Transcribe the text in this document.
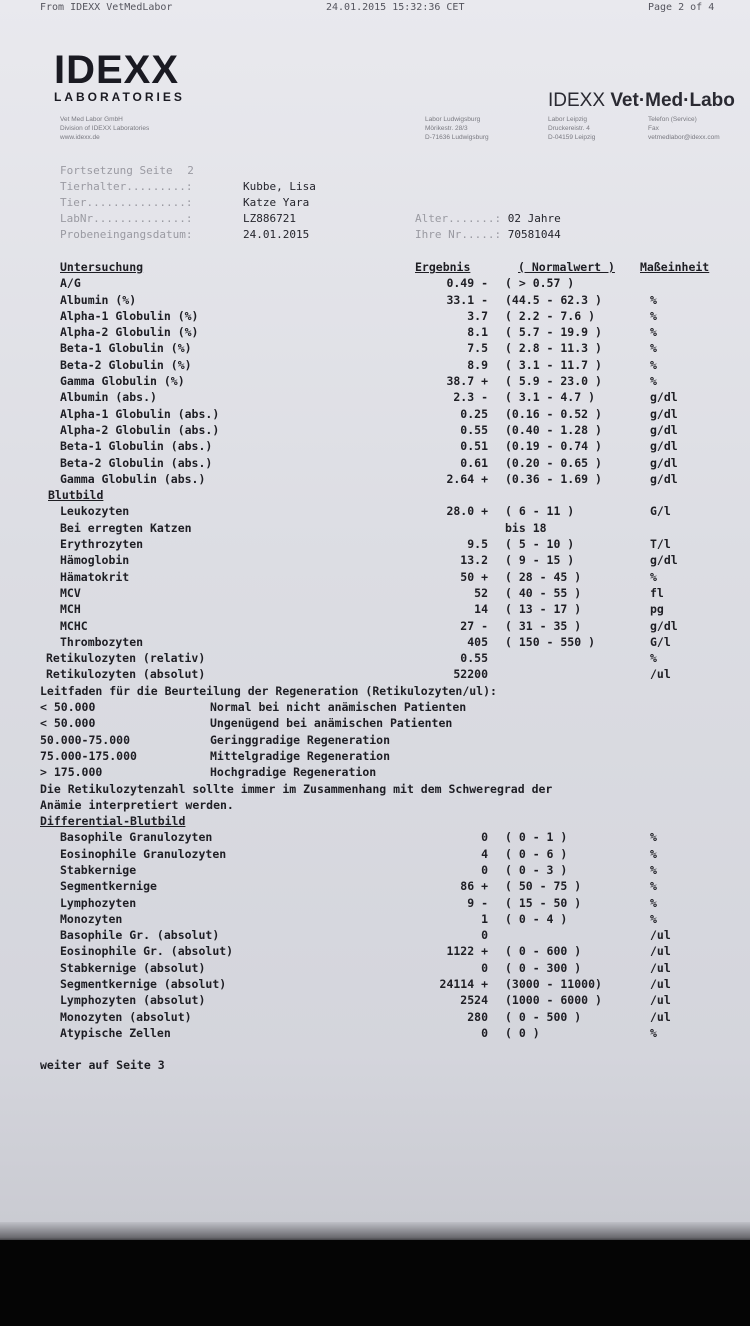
From IDEXX VetMedLabor	24.01.2015 15:32:36 CET	Page 2 of 4
IDEXX
LABORATORIES	IDEXX Vet·Med·Labo
Vet Med Labor GmbH
Division of IDEXX Laboratories
www.idexx.de
Labor Ludwigsburg
Mörikestr. 28/3
D-71636 Ludwigsburg
Labor Leipzig
Druckereistr. 4
D-04159 Leipzig
Telefon (Service)
Fax
vetmedlabor@idexx.com
Fortsetzung Seite 2
Tierhalter.........:	Kubbe, Lisa
Tier...............:	Katze Yara
LabNr..............:	LZ886721
Probeneingangsdatum:	24.01.2015
Alter.......: 02 Jahre
Ihre Nr.....: 70581044
Untersuchung	Ergebnis	( Normalwert ) Maßeinheit
A/G	0.49 - ( > 0.57 )
Albumin (%)	33.1 - (44.5 - 62.3 )	%
Alpha-1 Globulin (%)	3.7 ( 2.2 - 7.6 )	%
Alpha-2 Globulin (%)	8.1 ( 5.7 - 19.9 )	%
Beta-1 Globulin (%)	7.5 ( 2.8 - 11.3 )	%
Beta-2 Globulin (%)	8.9 ( 3.1 - 11.7 )	%
Gamma Globulin (%)	38.7 + ( 5.9 - 23.0 )	%
Albumin (abs.)	2.3 - ( 3.1 - 4.7 )	g/dl
Alpha-1 Globulin (abs.)	0.25 (0.16 - 0.52 )	g/dl
Alpha-2 Globulin (abs.)	0.55 (0.40 - 1.28 )	g/dl
Beta-1 Globulin (abs.)	0.51 (0.19 - 0.74 )	g/dl
Beta-2 Globulin (abs.)	0.61 (0.20 - 0.65 )	g/dl
Gamma Globulin (abs.)	2.64 + (0.36 - 1.69 )	g/dl
Blutbild
Leukozyten	28.0 + ( 6 - 11 )	G/l
Bei erregten Katzen	bis 18
Erythrozyten	9.5 ( 5 - 10 )	T/l
Hämoglobin	13.2 ( 9 - 15 )	g/dl
Hämatokrit	50 + ( 28 - 45 )	%
MCV	52 ( 40 - 55 )	fl
MCH	14 ( 13 - 17 )	pg
MCHC	27 - ( 31 - 35 )	g/dl
Thrombozyten	405 ( 150 - 550 )	G/l
Retikulozyten (relativ)	0.55	%
Retikulozyten (absolut)	52200	/ul
Leitfaden für die Beurteilung der Regeneration (Retikulozyten/ul):
< 50.000	Normal bei nicht anämischen Patienten
< 50.000	Ungenügend bei anämischen Patienten
50.000-75.000	Geringgradige Regeneration
75.000-175.000	Mittelgradige Regeneration
> 175.000	Hochgradige Regeneration
Die Retikulozytenzahl sollte immer im Zusammenhang mit dem Schweregrad der
Anämie interpretiert werden.
Differential-Blutbild
Basophile Granulozyten	0 ( 0 - 1 )	%
Eosinophile Granulozyten	4 ( 0 - 6 )	%
Stabkernige	0 ( 0 - 3 )	%
Segmentkernige	86 + ( 50 - 75 )	%
Lymphozyten	9 - ( 15 - 50 )	%
Monozyten	1 ( 0 - 4 )	%
Basophile Gr. (absolut)	0	/ul
Eosinophile Gr. (absolut)	1122 + ( 0 - 600 )	/ul
Stabkernige (absolut)	0 ( 0 - 300 )	/ul
Segmentkernige (absolut)	24114 + (3000 - 11000)	/ul
Lymphozyten (absolut)	2524 (1000 - 6000 )	/ul
Monozyten (absolut)	280 ( 0 - 500 )	/ul
Atypische Zellen	0 ( 0 )	%
weiter auf Seite 3
